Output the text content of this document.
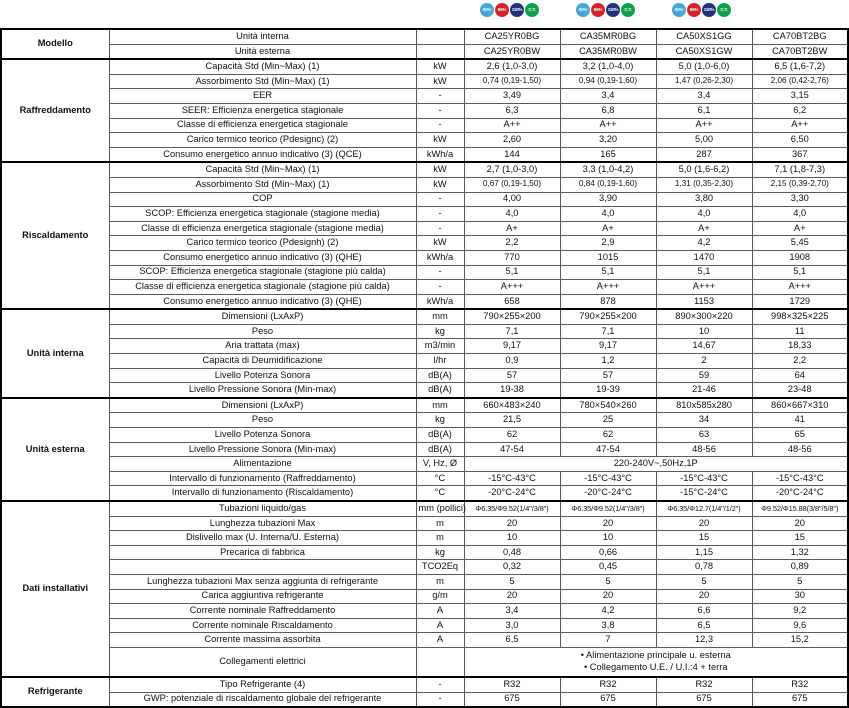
50%	65%	110%	C.T.	50%	65%	110%	C.T.	50%	65%	110%	C.T.
Modello	Unità interna		CA25YR0BG	CA35MR0BG	CA50XS1GG	CA70BT2BG
	Unità esterna		CA25YR0BW	CA35MR0BW	CA50XS1GW	CA70BT2BW
Raffreddamento	Capacità Std (Min~Max) (1)	kW	2,6 (1,0-3,0)	3,2 (1,0-4,0)	5,0 (1,0-6,0)	6,5 (1,6-7,2)
	Assorbimento Std (Min~Max) (1)	kW	0,74 (0,19-1,50)	0,94 (0,19-1,60)	1,47 (0,26-2,30)	2,06 (0,42-2,76)
	EER	-	3,49	3,4	3,4	3,15
	SEER: Efficienza energetica stagionale	-	6,3	6,8	6,1	6,2
	Classe di efficienza energetica stagionale	-	A++	A++	A++	A++
	Carico termico teorico (Pdesignc) (2)	kW	2,60	3,20	5,00	6,50
	Consumo energetico annuo indicativo (3) (QCE)	kWh/a	144	165	287	367
Riscaldamento	Capacità Std (Min~Max) (1)	kW	2,7 (1,0-3,0)	3,3 (1,0-4,2)	5,0 (1,6-6,2)	7,1 (1,8-7,3)
	Assorbimento Std (Min~Max) (1)	kW	0,67 (0,19-1,50)	0,84 (0,19-1,60)	1,31 (0,35-2,30)	2,15 (0,39-2,70)
	COP	-	4,00	3,90	3,80	3,30
	SCOP: Efficienza energetica stagionale (stagione media)	-	4,0	4,0	4,0	4,0
	Classe di efficienza energetica stagionale (stagione media)	-	A+	A+	A+	A+
	Carico termico teorico (Pdesignh) (2)	kW	2,2	2,9	4,2	5,45
	Consumo energetico annuo indicativo (3) (QHE)	kWh/a	770	1015	1470	1908
	SCOP: Efficienza energetica stagionale (stagione più calda)	-	5,1	5,1	5,1	5,1
	Classe di efficienza energetica stagionale (stagione più calda)	-	A+++	A+++	A+++	A+++
	Consumo energetico annuo indicativo (3) (QHE)	kWh/a	658	878	1153	1729
Unità interna	Dimensioni (LxAxP)	mm	790×255×200	790×255×200	890×300×220	998×325×225
	Peso	kg	7,1	7,1	10	11
	Aria trattata (max)	m3/min	9,17	9,17	14,67	18,33
	Capacità di Deumidificazione	l/hr	0,9	1,2	2	2,2
	Livello Potenza Sonora	dB(A)	57	57	59	64
	Livello Pressione Sonora (Min-max)	dB(A)	19-38	19-39	21-46	23-48
Unità esterna	Dimensioni (LxAxP)	mm	660×483×240	780×540×260	810x585x280	860×667×310
	Peso	kg	21,5	25	34	41
	Livello Potenza Sonora	dB(A)	62	62	63	65
	Livello Pressione Sonora (Min-max)	dB(A)	47-54	47-54	48-56	48-56
	Alimentazione	V, Hz, Ø	220-240V~,50Hz,1P			
	Intervallo di funzionamento (Raffreddamento)	°C	-15°C-43°C	-15°C-43°C	-15°C-43°C	-15°C-43°C
	Intervallo di funzionamento (Riscaldamento)	°C	-20°C-24°C	-20°C-24°C	-15°C-24°C	-20°C-24°C
Dati installativi	Tubazioni liquido/gas	mm (pollici)	Φ6.35/Φ9.52(1/4"/3/8")	Φ6.35/Φ9.52(1/4"/3/8")	Φ6.35/Φ12.7(1/4"/1/2")	Φ9.52/Φ15.88(3/8"/5/8")
	Lunghezza tubazioni Max	m	20	20	20	20
	Dislivello max (U. Interna/U. Esterna)	m	10	10	15	15
	Precarica di fabbrica	kg	0,48	0,66	1,15	1,32
		TCO2Eq	0,32	0,45	0,78	0,89
	Lunghezza tubazioni Max senza aggiunta di refrigerante	m	5	5	5	5
	Carica aggiuntiva refrigerante	g/m	20	20	20	30
	Corrente nominale Raffreddamento	A	3,4	4,2	6,6	9,2
	Corrente nominale Riscaldamento	A	3,0	3,8	6,5	9,6
	Corrente massima assorbita	A	6,5	7	12,3	15,2
	Collegamenti elettrici		• Alimentazione principale u. esterna
• Collegamento U.E. / U.I.:4 + terra			

Refrigerante	Tipo Refrigerante (4)	-	R32	R32	R32	R32
	GWP: potenziale di riscaldamento globale del refrigerante	-	675	675	675	675
